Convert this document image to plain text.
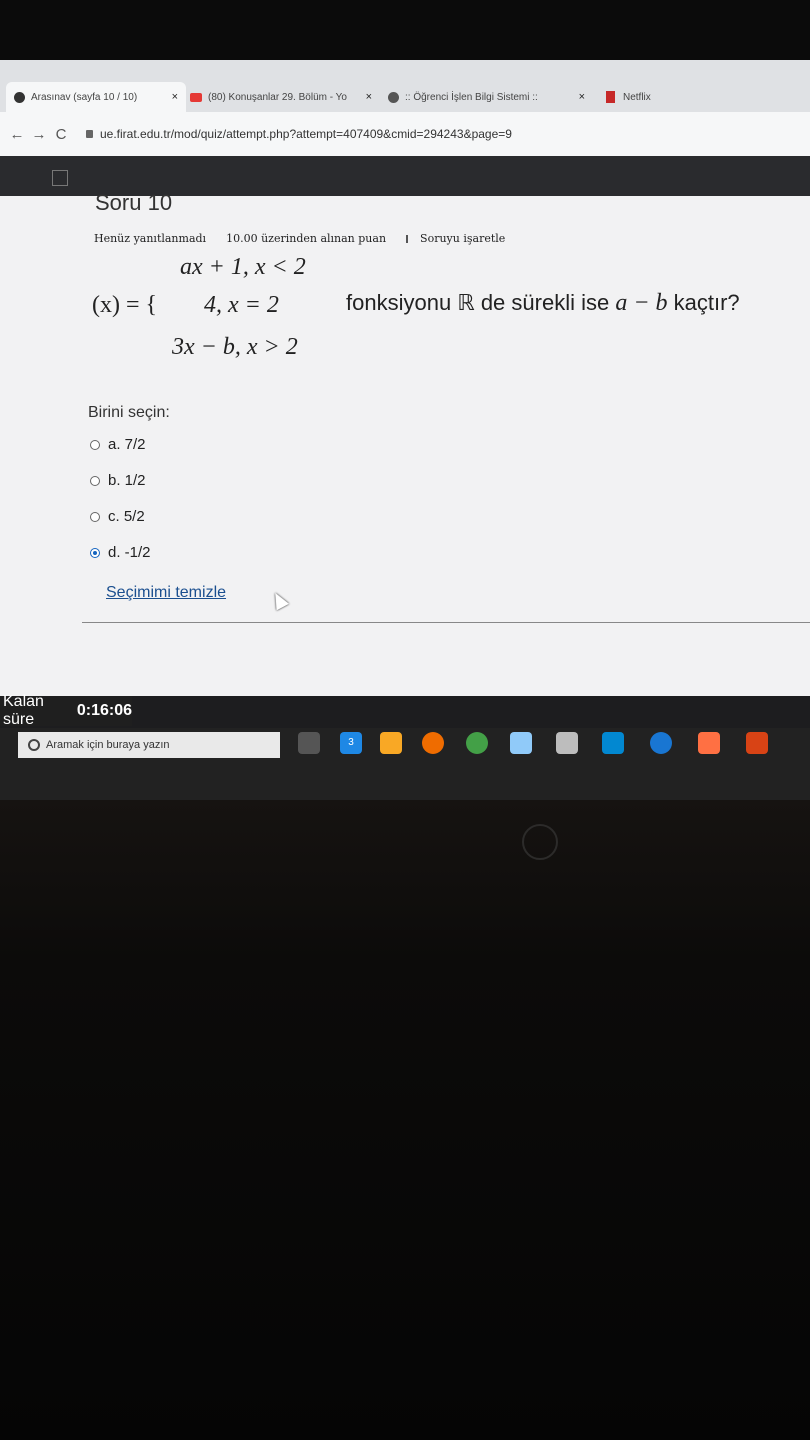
Arasınav (sayfa 10 / 10)	×	(80) Konuşanlar 29. Bölüm - Yo ×	:: Öğrenci İşlen Bilgi Sistemi ::	×	Netflix
← → C	ue.firat.edu.tr/mod/quiz/attempt.php?attempt=407409&cmid=294243&page=9
Soru 10
Henüz yanıtlanmadı 10.00 üzerinden alınan puan	Soruyu işaretle
ax + 1, x < 2
(x) = { 4, x = 2
3x − b, x > 2
fonksiyonu ℝ de sürekli ise a − b kaçtır?
Birini seçin:
a. 7/2
b. 1/2
c. 5/2
d. -1/2
Seçimimi temizle
Kalan süre
0:16:06
Aramak için buraya yazın	3
